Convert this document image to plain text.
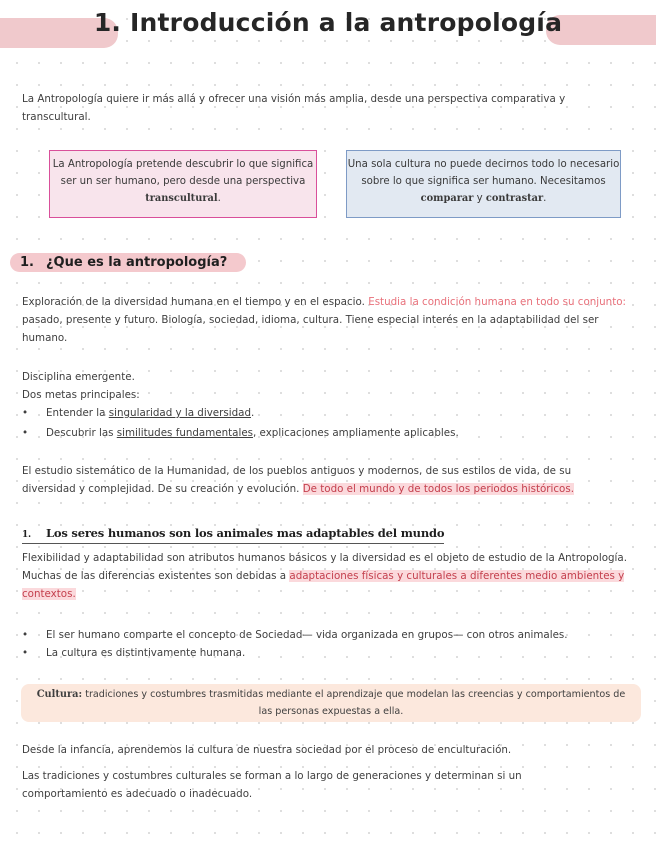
1. Introducción a la antropología
La Antropología quiere ir más allá y ofrecer una visión más amplia, desde una perspectiva comparativa y transcultural.
La Antropología pretende descubrir lo que significa ser un ser humano, pero desde una perspectiva transcultural.
Una sola cultura no puede decirnos todo lo necesario sobre lo que significa ser humano. Necesitamos comparar y contrastar.
1. ¿Que es la antropología?
Exploración de la diversidad humana en el tiempo y en el espacio. Estudia la condición humana en todo su conjunto: pasado, presente y futuro. Biología, sociedad, idioma, cultura. Tiene especial interés en la adaptabilidad del ser humano.
Disciplina emergente.
Dos metas principales:
• Entender la singularidad y la diversidad.
• Descubrir las similitudes fundamentales, explicaciones ampliamente aplicables.
El estudio sistemático de la Humanidad, de los pueblos antiguos y modernos, de sus estilos de vida, de su diversidad y complejidad. De su creación y evolución. De todo el mundo y de todos los periodos históricos.
1. Los seres humanos son los animales mas adaptables del mundo
Flexibilidad y adaptabilidad son atributos humanos básicos y la diversidad es el objeto de estudio de la Antropología. Muchas de las diferencias existentes son debidas a adaptaciones físicas y culturales a diferentes medio ambientes y contextos.
• El ser humano comparte el concepto de Sociedad— vida organizada en grupos— con otros animales.
• La cultura es distintivamente humana.
Cultura: tradiciones y costumbres trasmitidas mediante el aprendizaje que modelan las creencias y comportamientos de las personas expuestas a ella.
Desde la infancia, aprendemos la cultura de nuestra sociedad por el proceso de enculturación.
Las tradiciones y costumbres culturales se forman a lo largo de generaciones y determinan si un comportamiento es adecuado o inadecuado.
